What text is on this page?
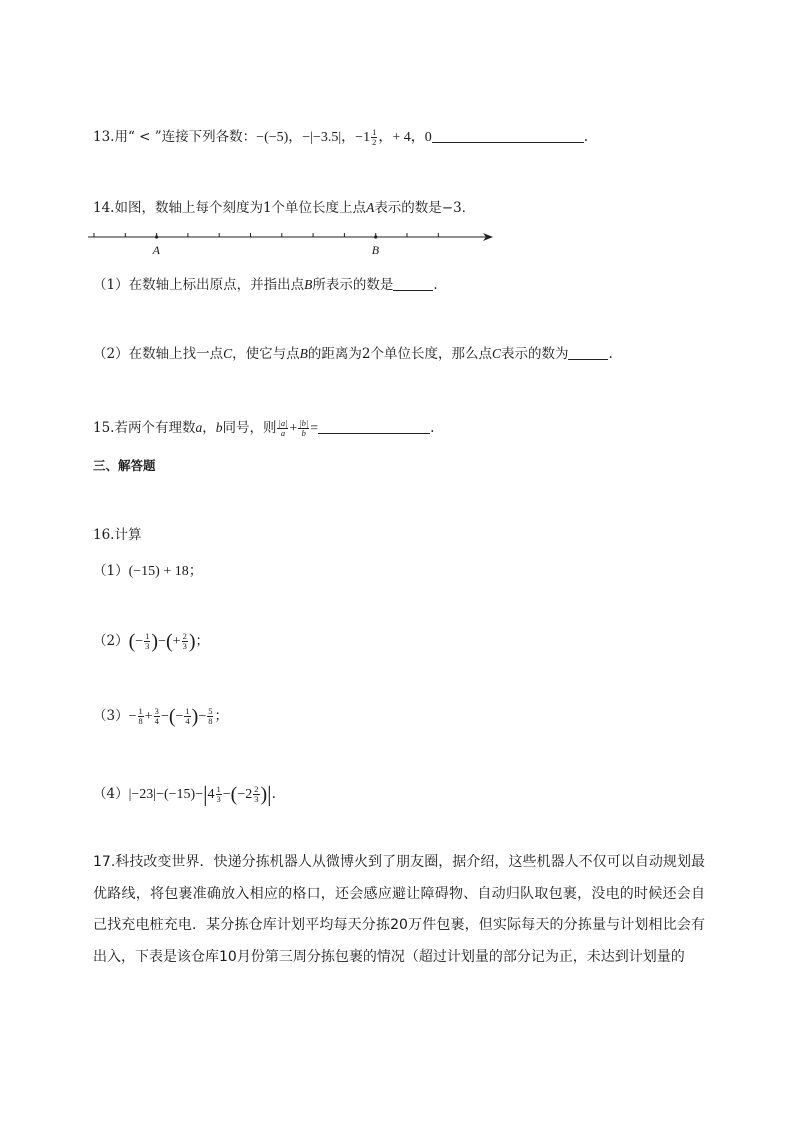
13.用“ < ”连接下列各数：−(−5)，−|−3.5|，$-1 \frac{1}{2}$ ，+ 4，0	.
14.如图，数轴上每个刻度为1个单位长度上点A表示的数是−3．
A	B
（1）在数轴上标出原点，并指出点B所表示的数是	.
（2）在数轴上找一点C，使它与点B的距离为2个单位长度，那么点C表示的数为	.
15.若两个有理数a，b同号，则 $\frac{|a|}{a} + \frac{|b|}{b}$ =	.
三、解答题
16.计算
（1）(−15) + 18；
$(2)(- \frac{1}{3}$ )−(+ $\frac{2}{3}$ )；
$(3)- \frac{1}{8} + \frac{3}{4}$ −(− $\frac{1}{4}$ )− $\frac{5}{8}$ ；
$(4)|-23|-(-15)-|4 \frac{1}{3} -(-2 \frac{2}{3}$ )|.
17.科技改变世界．快递分拣机器人从微博火到了朋友圈，据介绍，这些机器人不仅可以自动规划最优路线，将包裹准确放入相应的格口，还会感应避让障碍物、自动归队取包裹，没电的时候还会自己找充电桩充电．某分拣仓库计划平均每天分拣20万件包裹，但实际每天的分拣量与计划相比会有出入，下表是该仓库10月份第三周分拣包裹的情况（超过计划量的部分记为正，未达到计划量的
